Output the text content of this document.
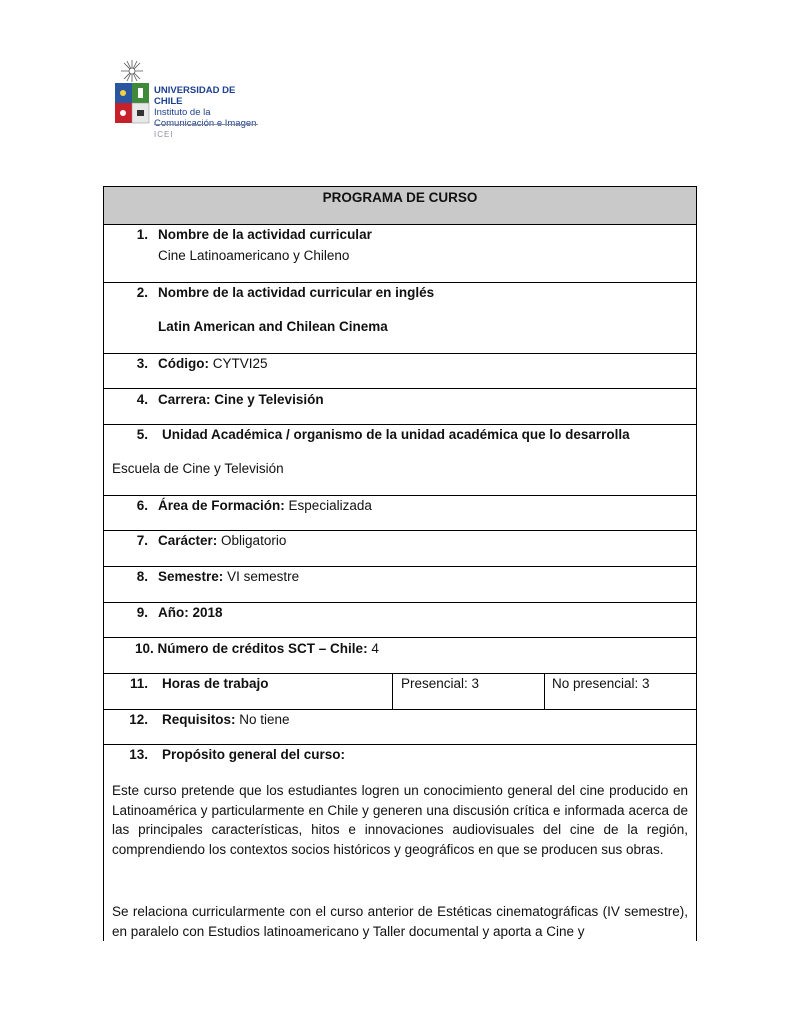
UNIVERSIDAD DE CHILE
Instituto de la
Comunicación e Imagen
ICEI
PROGRAMA DE CURSO
1. Nombre de la actividad curricular
Cine Latinoamericano y Chileno
2. Nombre de la actividad curricular en inglés
Latin American and Chilean Cinema
3. Código: CYTVI25
4. Carrera: Cine y Televisión
5. Unidad Académica / organismo de la unidad académica que lo desarrolla
Escuela de Cine y Televisión
6. Área de Formación: Especializada
7. Carácter: Obligatorio
8. Semestre: VI semestre
9. Año: 2018
10. Número de créditos SCT – Chile: 4
11. Horas de trabajo	Presencial: 3	No presencial: 3
12. Requisitos: No tiene
13. Propósito general del curso:
Este curso pretende que los estudiantes logren un conocimiento general del cine producido en Latinoamérica y particularmente en Chile y generen una discusión crítica e informada acerca de las principales características, hitos e innovaciones audiovisuales del cine de la región, comprendiendo los contextos socios históricos y geográficos en que se producen sus obras.
Se relaciona curricularmente con el curso anterior de Estéticas cinematográficas (IV semestre), en paralelo con Estudios latinoamericano y Taller documental y aporta a Cine y
